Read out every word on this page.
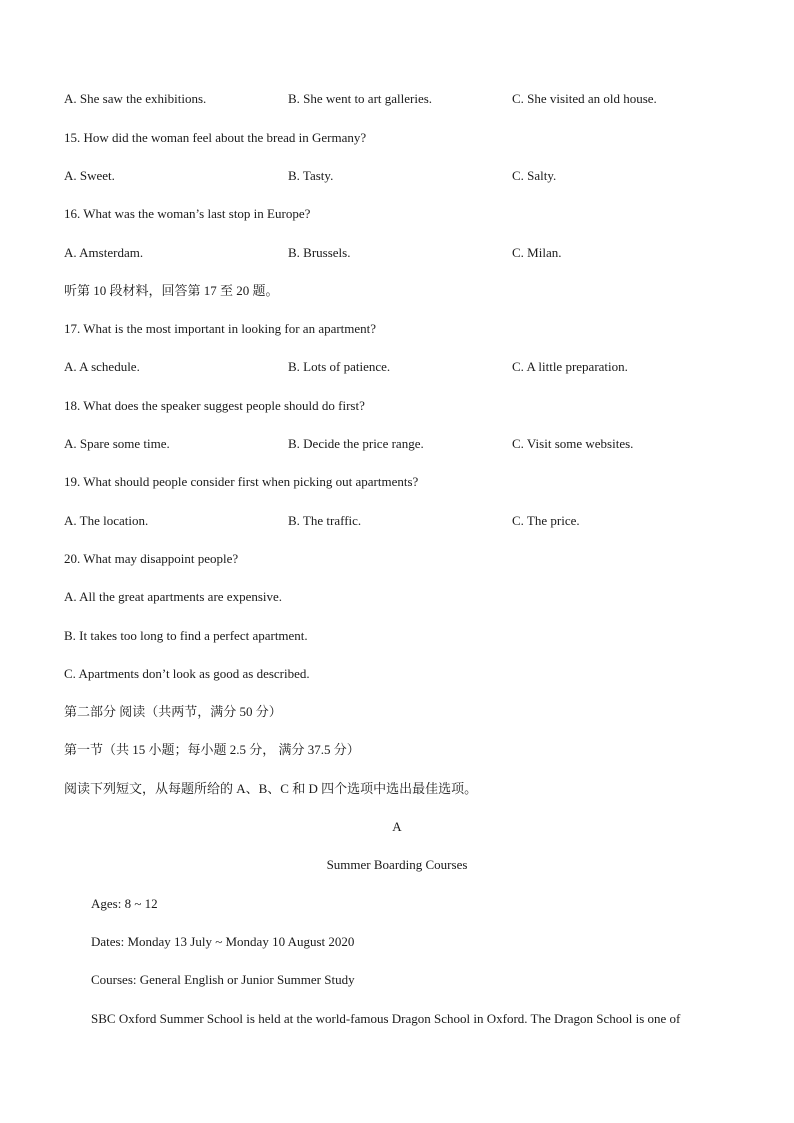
A. She saw the exhibitions.	B. She went to art galleries.	C. She visited an old house.
15. How did the woman feel about the bread in Germany?
A. Sweet.	B. Tasty.	C. Salty.
16. What was the woman’s last stop in Europe?
A. Amsterdam.	B. Brussels.	C. Milan.
听第 10 段材料，回答第 17 至 20 题。
17. What is the most important in looking for an apartment?
A. A schedule.	B. Lots of patience.	C. A little preparation.
18. What does the speaker suggest people should do first?
A. Spare some time.	B. Decide the price range.	C. Visit some websites.
19. What should people consider first when picking out apartments?
A. The location.	B. The traffic.	C. The price.
20. What may disappoint people?
A. All the great apartments are expensive.
B. It takes too long to find a perfect apartment.
C. Apartments don’t look as good as described.
第二部分 阅读（共两节，满分 50 分）
第一节（共 15 小题；每小题 2.5 分， 满分 37.5 分）
阅读下列短文，从每题所给的 A、B、C 和 D 四个选项中选出最佳选项。
A
Summer Boarding Courses
Ages: 8 ~ 12
Dates: Monday 13 July ~ Monday 10 August 2020
Courses: General English or Junior Summer Study
SBC Oxford Summer School is held at the world-famous Dragon School in Oxford. The Dragon School is one of
